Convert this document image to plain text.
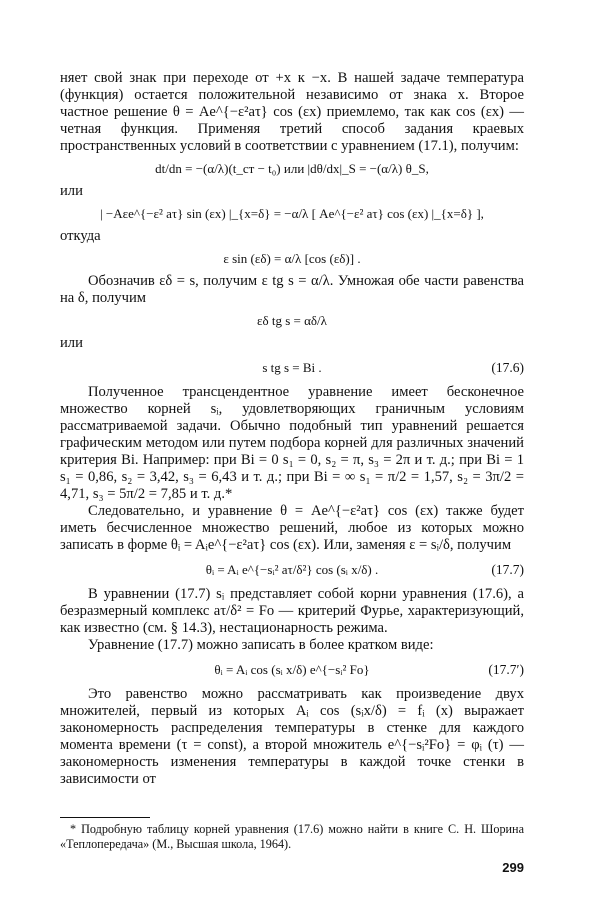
няет свой знак при переходе от +x к −x. В нашей задаче температура (функция) остается положительной независимо от знака x. Второе частное решение θ = Ae^{−ε²aτ} cos (εx) приемлемо, так как cos (εx) — четная функция. Применяя третий способ задания краевых пространственных условий в соответствии с уравнением (17.1), получим:

dt/dn = −(α/λ)(t_ст − t₀) или |dθ/dx|_S = −(α/λ) θ_S,

или

| −Aεe^{−ε² aτ} sin (εx) |_{x=δ} = −α/λ [ Ae^{−ε² aτ} cos (εx) |_{x=δ} ],

откуда

ε sin (εδ) = α/λ [cos (εδ)] .

Обозначив εδ = s, получим ε tg s = α/λ. Умножая обе части равенства на δ, получим

εδ tg s = αδ/λ

или

s tg s = Bi .	(17.6)

Полученное трансцендентное уравнение имеет бесконечное множество корней sᵢ, удовлетворяющих граничным условиям рассматриваемой задачи. Обычно подобный тип уравнений решается графическим методом или путем подбора корней для различных значений критерия Bi. Например: при Bi = 0 s₁ = 0, s₂ = π, s₃ = 2π и т. д.; при Bi = 1 s₁ = 0,86, s₂ = 3,42, s₃ = 6,43 и т. д.; при Bi = ∞ s₁ = π/2 = 1,57, s₂ = 3π/2 = 4,71, s₃ = 5π/2 = 7,85 и т. д.*

Следовательно, и уравнение θ = Ae^{−ε²aτ} cos (εx) также будет иметь бесчисленное множество решений, любое из которых можно записать в форме θᵢ = Aᵢe^{−ε²aτ} cos (εx). Или, заменяя ε = sᵢ/δ, получим

θᵢ = Aᵢ e^{−sᵢ² aτ/δ²} cos (sᵢ x/δ) .	(17.7)

В уравнении (17.7) sᵢ представляет собой корни уравнения (17.6), а безразмерный комплекс aτ/δ² = Fo — критерий Фурье, характеризующий, как известно (см. § 14.3), нестационарность режима.

Уравнение (17.7) можно записать в более кратком виде:

θᵢ = Aᵢ cos (sᵢ x/δ) e^{−sᵢ² Fo}	(17.7′)

Это равенство можно рассматривать как произведение двух множителей, первый из которых Aᵢ cos (sᵢx/δ) = fᵢ (x) выражает закономерность распределения температуры в стенке для каждого момента времени (τ = const), а второй множитель e^{−sᵢ²Fo} = φᵢ (τ) — закономерность изменения температуры в каждой точке стенки в зависимости от

* Подробную таблицу корней уравнения (17.6) можно найти в книге С. Н. Шорина «Теплопередача» (М., Высшая школа, 1964).
299
